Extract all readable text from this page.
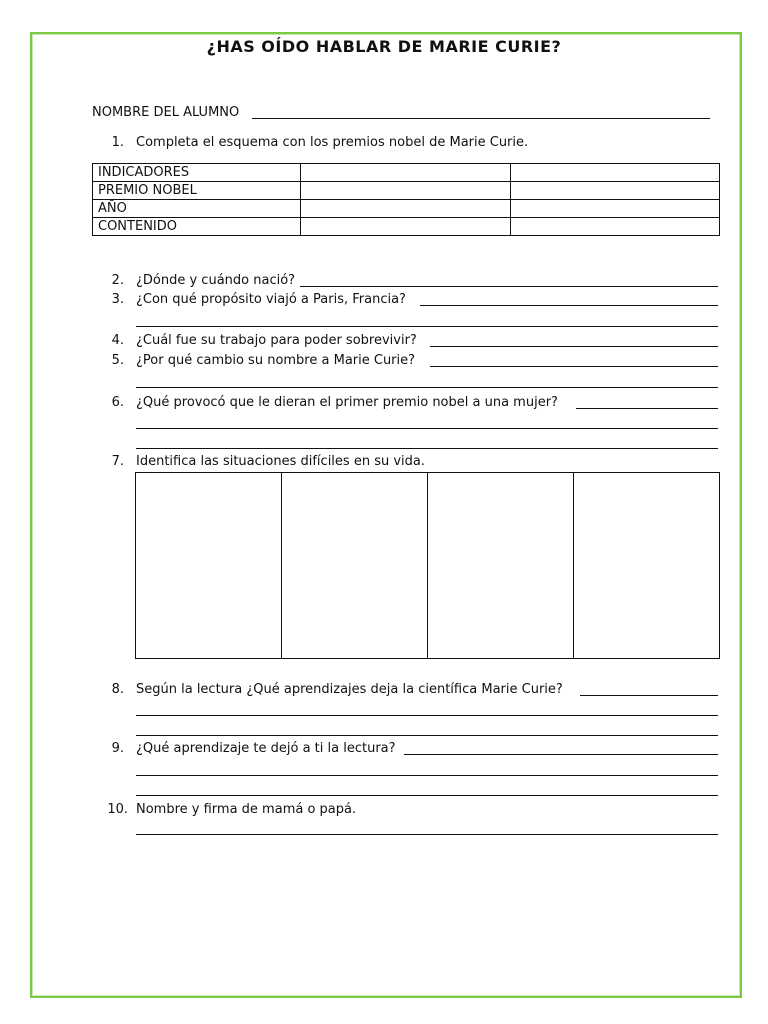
¿HAS OÍDO HABLAR DE MARIE CURIE?
NOMBRE DEL ALUMNO
1. Completa el esquema con los premios nobel de Marie Curie.
INDICADORES		
PREMIO NOBEL		
AÑO		
CONTENIDO		
2. ¿Dónde y cuándo nació?
3. ¿Con qué propósito viajó a Paris, Francia?
4. ¿Cuál fue su trabajo para poder sobrevivir?
5. ¿Por qué cambio su nombre a Marie Curie?
6. ¿Qué provocó que le dieran el primer premio nobel a una mujer?
7. Identifica las situaciones difíciles en su vida.
8. Según la lectura ¿Qué aprendizajes deja la científica Marie Curie?
9. ¿Qué aprendizaje te dejó a ti la lectura?
10. Nombre y firma de mamá o papá.
